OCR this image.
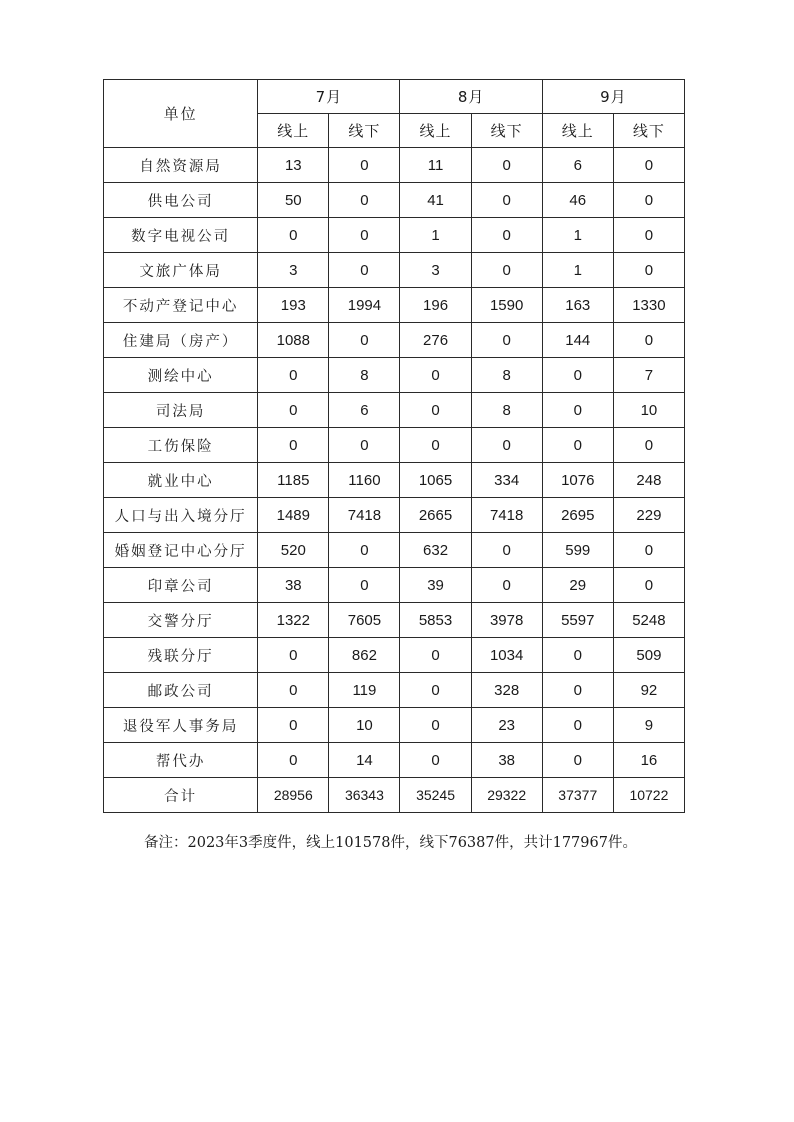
单位	7月		8月		9月	
	线上	线下	线上	线下	线上	线下
自然资源局	13	0	11	0	6	0
供电公司	50	0	41	0	46	0
数字电视公司	0	0	1	0	1	0
文旅广体局	3	0	3	0	1	0
不动产登记中心	193	1994	196	1590	163	1330
住建局（房产）	1088	0	276	0	144	0
测绘中心	0	8	0	8	0	7
司法局	0	6	0	8	0	10
工伤保险	0	0	0	0	0	0
就业中心	1185	1160	1065	334	1076	248
人口与出入境分厅	1489	7418	2665	7418	2695	229
婚姻登记中心分厅	520	0	632	0	599	0
印章公司	38	0	39	0	29	0
交警分厅	1322	7605	5853	3978	5597	5248
残联分厅	0	862	0	1034	0	509
邮政公司	0	119	0	328	0	92
退役军人事务局	0	10	0	23	0	9
帮代办	0	14	0	38	0	16
合计	28956	36343	35245	29322	37377	10722
备注：2023年3季度件，线上101578件，线下76387件，共计177967件。
